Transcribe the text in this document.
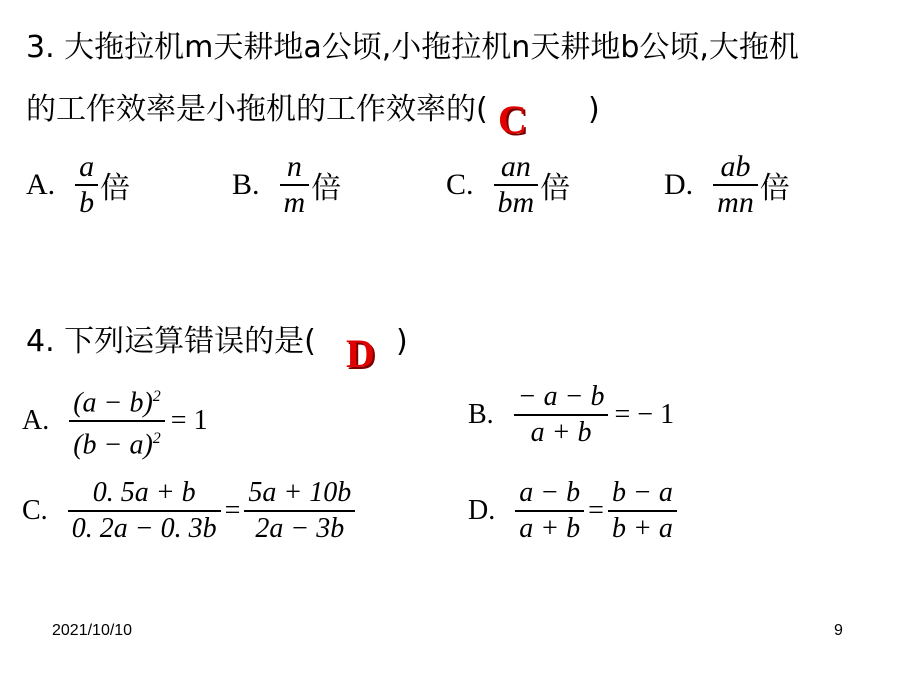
3. 大拖拉机m天耕地a公顷,小拖拉机n天耕地b公顷,大拖机
的工作效率是小拖机的工作效率的( C )
A. $\frac{a}{b}$ 倍	B. $\frac{n}{m}$ 倍	C. $\frac{an}{bm}$ 倍	D. $\frac{ab}{mn}$ 倍
4. 下列运算错误的是( D )
A. $\frac{(a - b)^2}{(b - a)^2} = 1$	B. $\frac{- a - b}{a + b}$ = − 1
C. $\frac{0. 5a + b}{0. 2a - 0. 3b} = \frac{5a + 10b}{2a - 3b}$	D. $\frac{a - b}{a + b} = \frac{b - a}{b + a}$
2021/10/10	9
